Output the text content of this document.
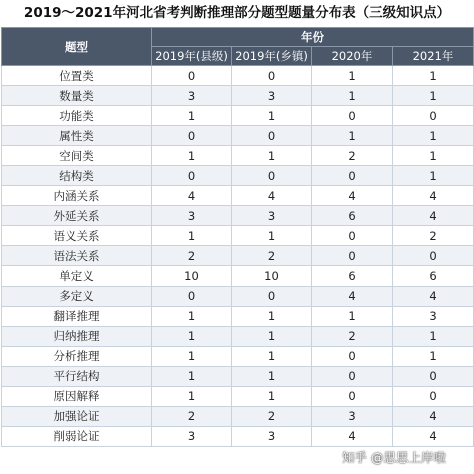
2019～2021年河北省考判断推理部分题型题量分布表（三级知识点）
题型	年份			
	2019年(县级)	2019年(乡镇)	2020年	2021年
位置类	0	0	1	1
数量类	3	3	1	1
功能类	1	1	0	0
属性类	0	0	1	1
空间类	1	1	2	1
结构类	0	0	0	1
内涵关系	4	4	4	4
外延关系	3	3	6	4
语义关系	1	1	0	2
语法关系	2	2	0	0
单定义	10	10	6	6
多定义	0	0	4	4
翻译推理	1	1	1	3
归纳推理	1	1	2	1
分析推理	1	1	0	1
平行结构	1	1	0	0
原因解释	1	1	0	0
加强论证	2	2	3	4
削弱论证	3	3	4	4
知乎 @思思上岸啦
